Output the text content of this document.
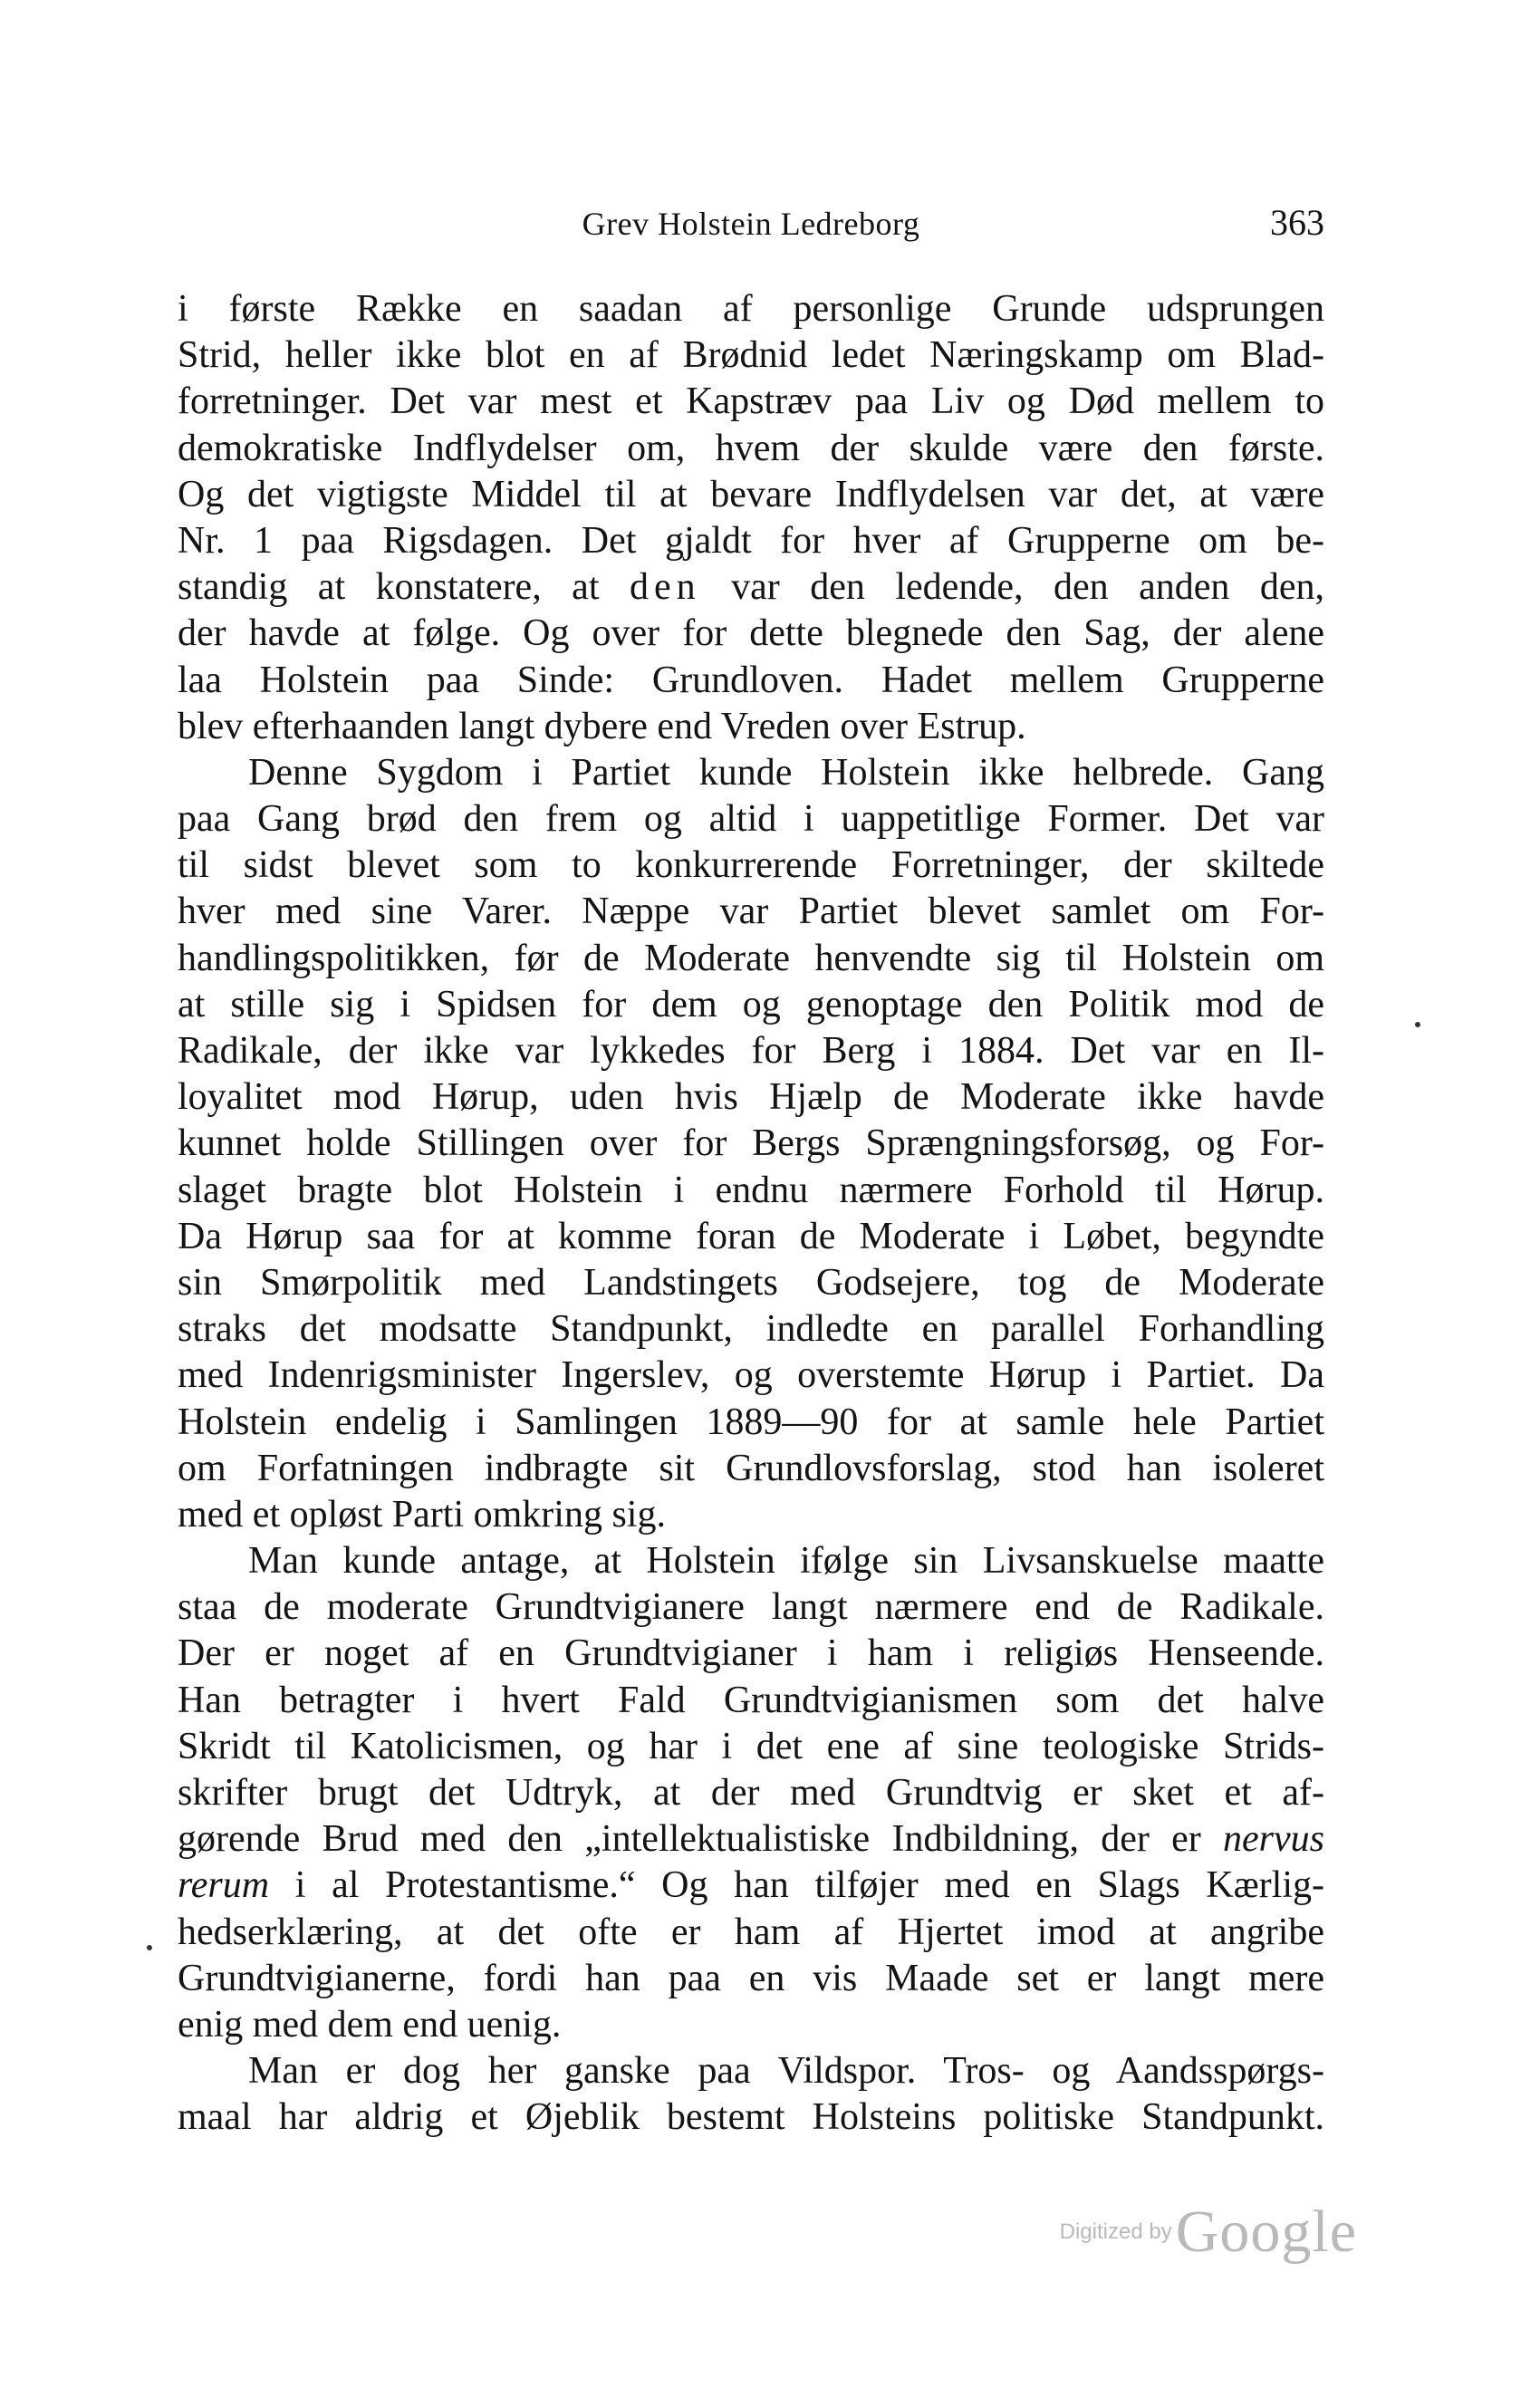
Grev Holstein Ledreborg	363
i første Række en saadan af personlige Grunde udsprungen
Strid, heller ikke blot en af Brødnid ledet Næringskamp om Blad-
forretninger. Det var mest et Kapstræv paa Liv og Død mellem to
demokratiske Indflydelser om, hvem der skulde være den første.
Og det vigtigste Middel til at bevare Indflydelsen var det, at være
Nr. 1 paa Rigsdagen. Det gjaldt for hver af Grupperne om be-
standig at konstatere, at den var den ledende, den anden den,
der havde at følge. Og over for dette blegnede den Sag, der alene
laa Holstein paa Sinde: Grundloven. Hadet mellem Grupperne
blev efterhaanden langt dybere end Vreden over Estrup.
Denne Sygdom i Partiet kunde Holstein ikke helbrede. Gang
paa Gang brød den frem og altid i uappetitlige Former. Det var
til sidst blevet som to konkurrerende Forretninger, der skiltede
hver med sine Varer. Næppe var Partiet blevet samlet om For-
handlingspolitikken, før de Moderate henvendte sig til Holstein om
at stille sig i Spidsen for dem og genoptage den Politik mod de
Radikale, der ikke var lykkedes for Berg i 1884. Det var en Il-
loyalitet mod Hørup, uden hvis Hjælp de Moderate ikke havde
kunnet holde Stillingen over for Bergs Sprængningsforsøg, og For-
slaget bragte blot Holstein i endnu nærmere Forhold til Hørup.
Da Hørup saa for at komme foran de Moderate i Løbet, begyndte
sin Smørpolitik med Landstingets Godsejere, tog de Moderate
straks det modsatte Standpunkt, indledte en parallel Forhandling
med Indenrigsminister Ingerslev, og overstemte Hørup i Partiet. Da
Holstein endelig i Samlingen 1889—90 for at samle hele Partiet
om Forfatningen indbragte sit Grundlovsforslag, stod han isoleret
med et opløst Parti omkring sig.
Man kunde antage, at Holstein ifølge sin Livsanskuelse maatte
staa de moderate Grundtvigianere langt nærmere end de Radikale.
Der er noget af en Grundtvigianer i ham i religiøs Henseende.
Han betragter i hvert Fald Grundtvigianismen som det halve
Skridt til Katolicismen, og har i det ene af sine teologiske Strids-
skrifter brugt det Udtryk, at der med Grundtvig er sket et af-
gørende Brud med den „intellektualistiske Indbildning, der er nervus
rerum i al Protestantisme.“ Og han tilføjer med en Slags Kærlig-
hedserklæring, at det ofte er ham af Hjertet imod at angribe
Grundtvigianerne, fordi han paa en vis Maade set er langt mere
enig med dem end uenig.
Man er dog her ganske paa Vildspor. Tros- og Aandsspørgs-
maal har aldrig et Øjeblik bestemt Holsteins politiske Standpunkt.
Digitized by Google
